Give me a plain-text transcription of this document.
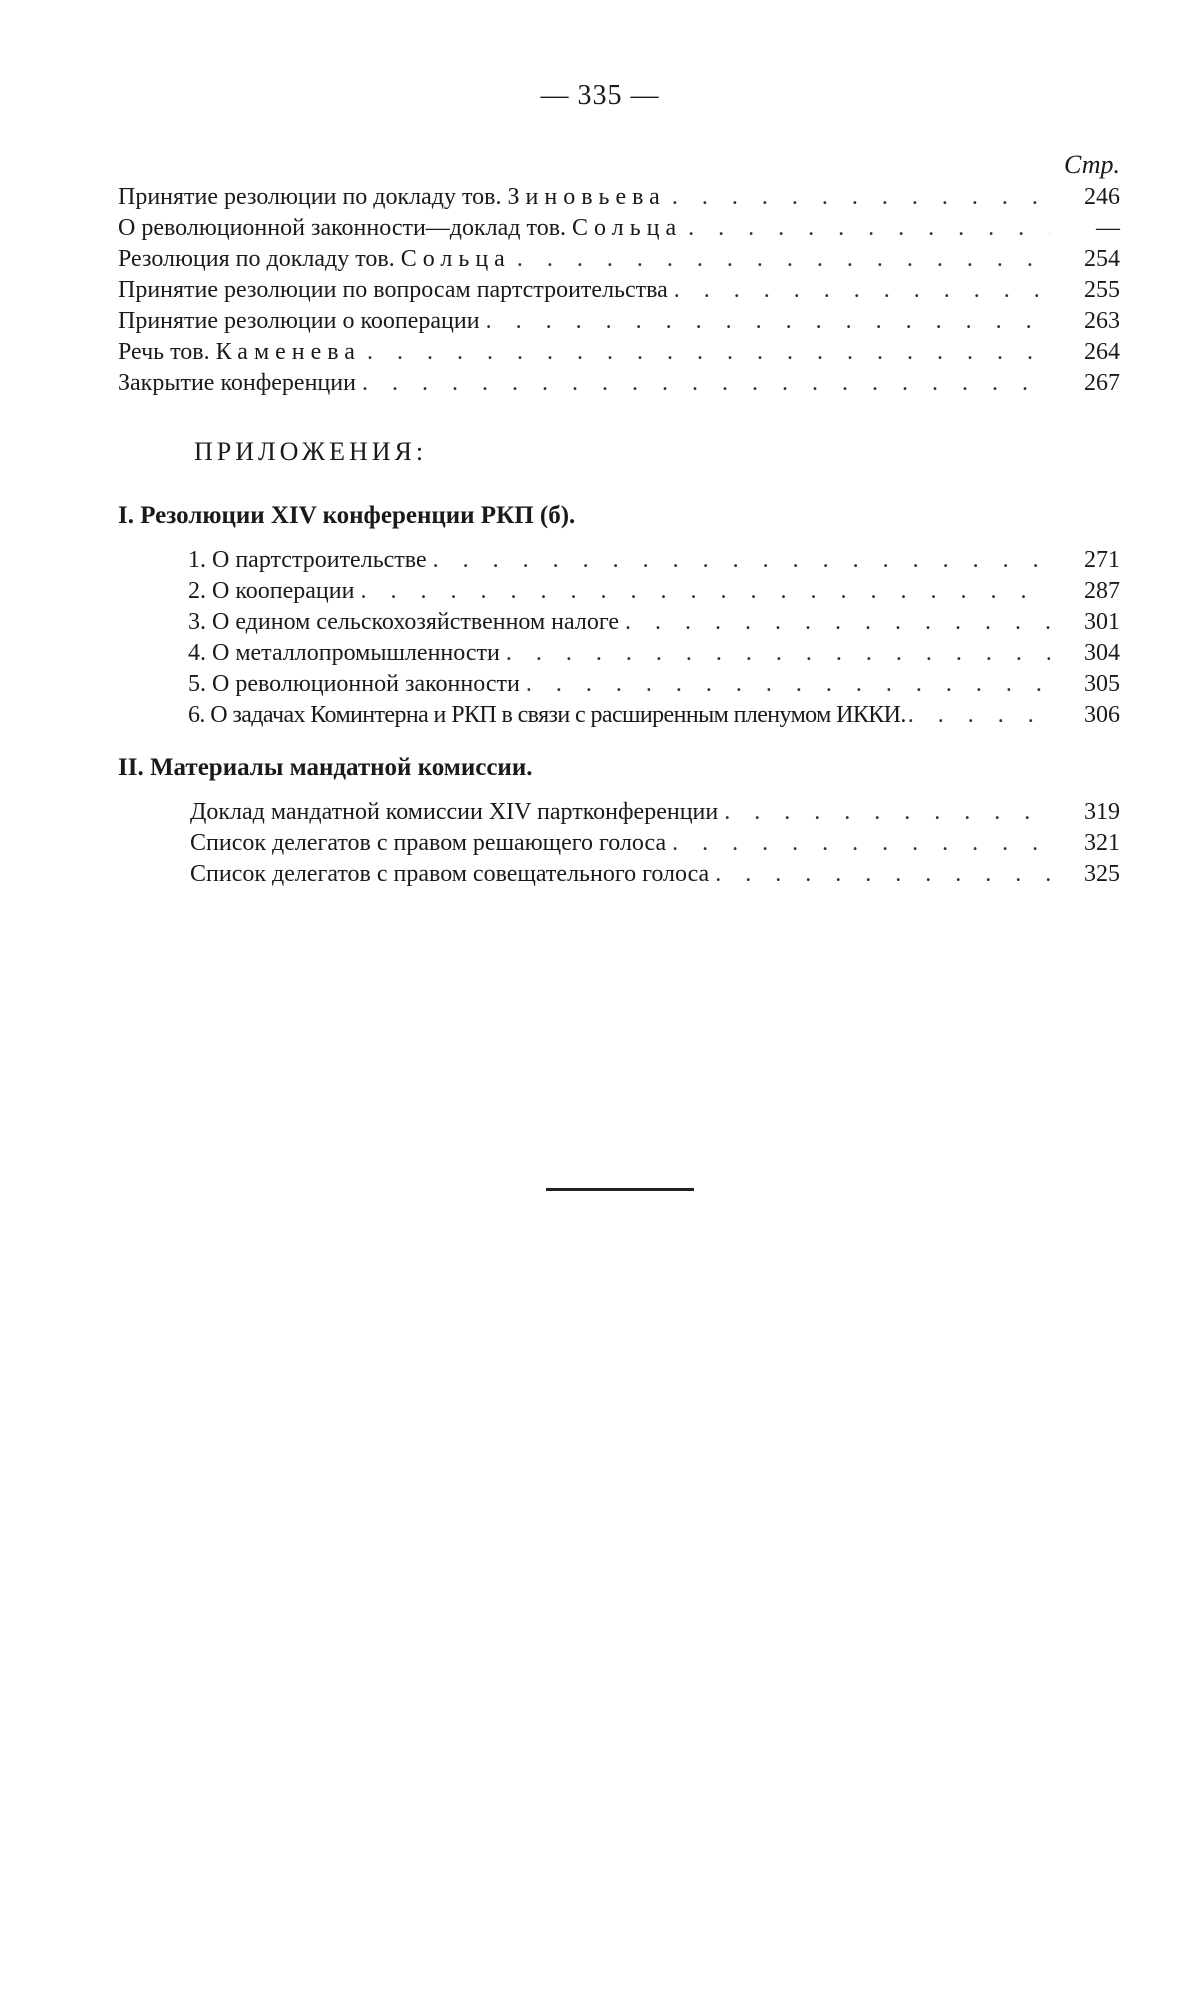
— 335 —
Стр.
Принятие резолюции по докладу тов. Зиновьева . . .	246
О революционной законности—доклад тов. Сольца . . .	—
Резолюция по докладу тов. Сольца . . .	254
Принятие резолюции по вопросам партстроительства . . .	255
Принятие резолюции о кооперации . . .	263
Речь тов. Каменева . . .	264
Закрытие конференции . . .	267
ПРИЛОЖЕНИЯ:
I. Резолюции XIV конференции РКП (б).
1. О партстроительстве . . .	271
2. О кооперации . . .	287
3. О едином сельскохозяйственном налоге . . .	301
4. О металлопромышленности . . .	304
5. О революционной законности . . .	305
6. О задачах Коминтерна и РКП в связи с расширенным пленумом ИККИ. . . .	306
II. Материалы мандатной комиссии.
Доклад мандатной комиссии XIV партконференции . . .	319
Список делегатов с правом решающего голоса . . .	321
Список делегатов с правом совещательного голоса . . .	325
